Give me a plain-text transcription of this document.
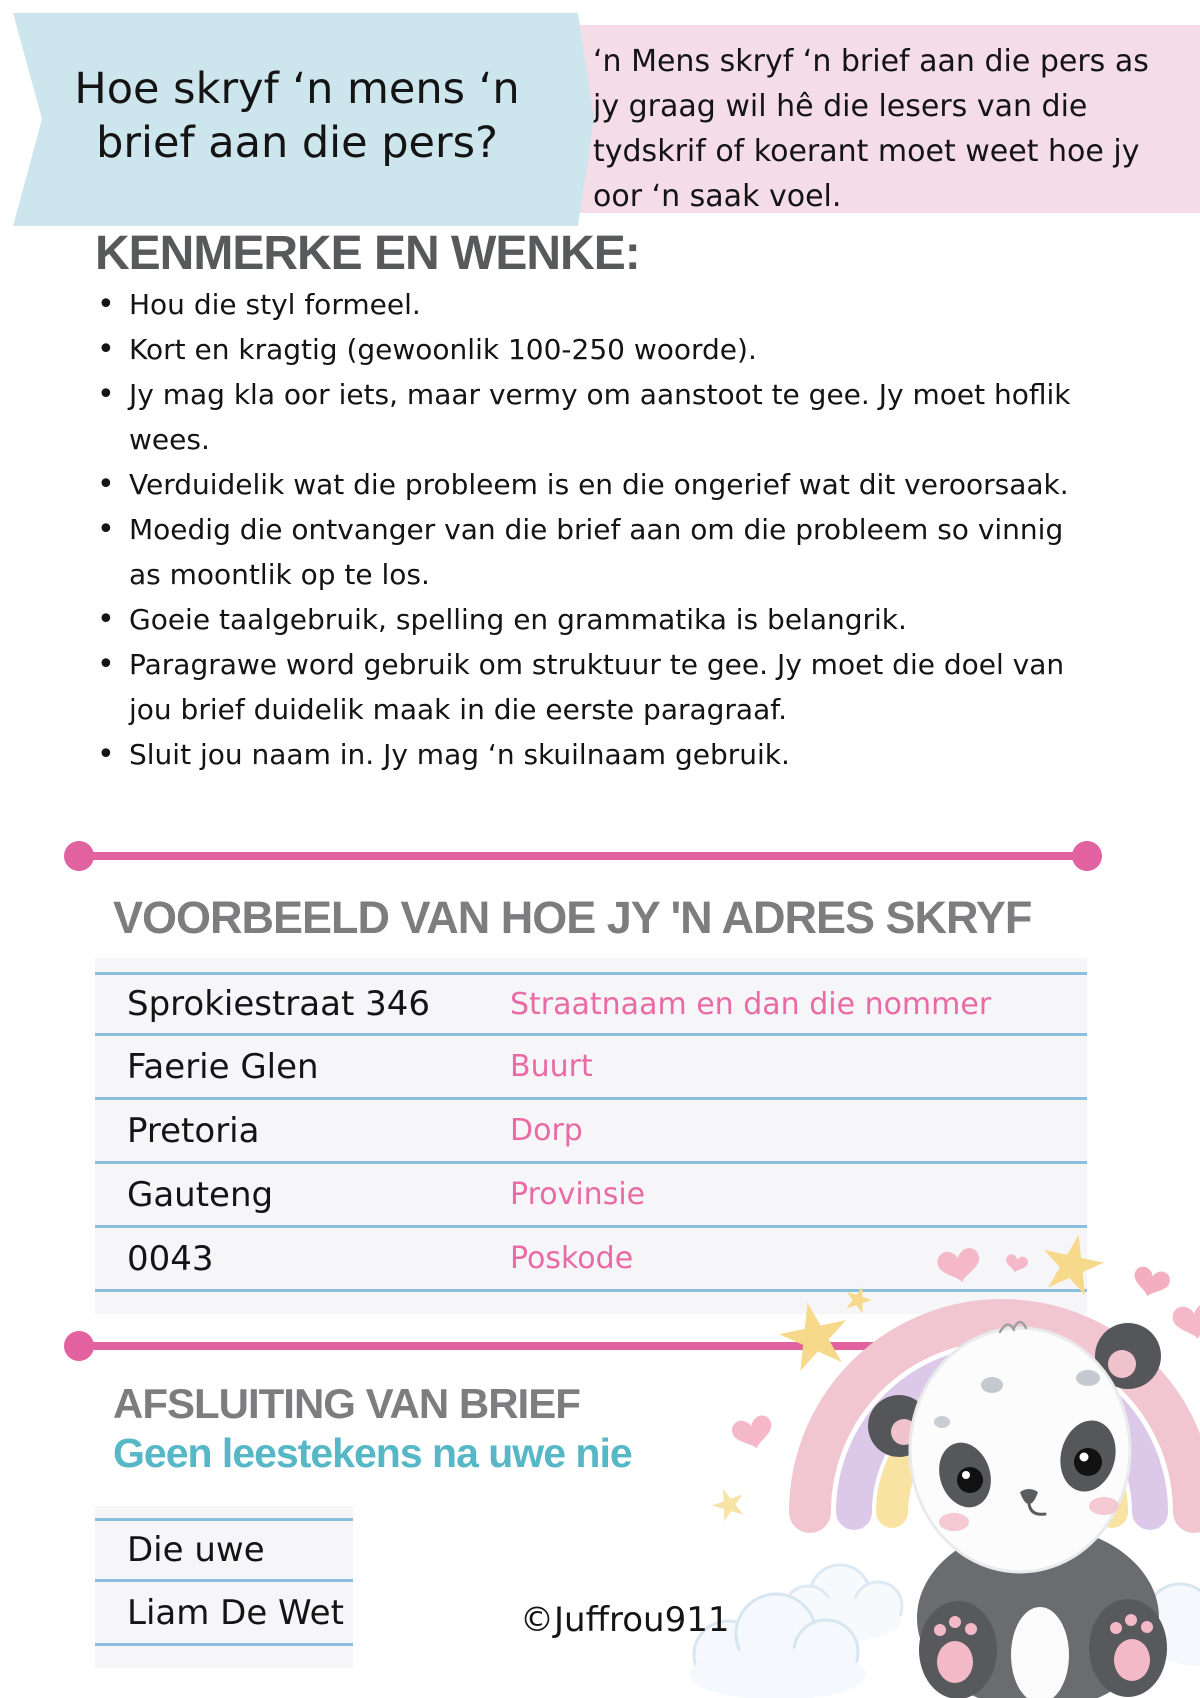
‘n Mens skryf ‘n brief aan die pers as jy graag wil hê die lesers van die tydskrif of koerant moet weet hoe jy oor ‘n saak voel.
Hoe skryf ‘n mens ‘n
brief aan die pers?
KENMERKE EN WENKE:
• Hou die styl formeel.
• Kort en kragtig (gewoonlik 100-250 woorde).
• Jy mag kla oor iets, maar vermy om aanstoot te gee. Jy moet hoflik wees.
• Verduidelik wat die probleem is en die ongerief wat dit veroorsaak.
• Moedig die ontvanger van die brief aan om die probleem so vinnig as moontlik op te los.
• Goeie taalgebruik, spelling en grammatika is belangrik.
• Paragrawe word gebruik om struktuur te gee. Jy moet die doel van jou brief duidelik maak in die eerste paragraaf.
• Sluit jou naam in. Jy mag ‘n skuilnaam gebruik.
VOORBEELD VAN HOE JY 'N ADRES SKRYF
Sprokiestraat 346	Straatnaam en dan die nommer
Faerie Glen	Buurt
Pretoria	Dorp
Gauteng	Provinsie
0043	Poskode
AFSLUITING VAN BRIEF
Geen leestekens na uwe nie
Die uwe
Liam De Wet	©Juffrou911
